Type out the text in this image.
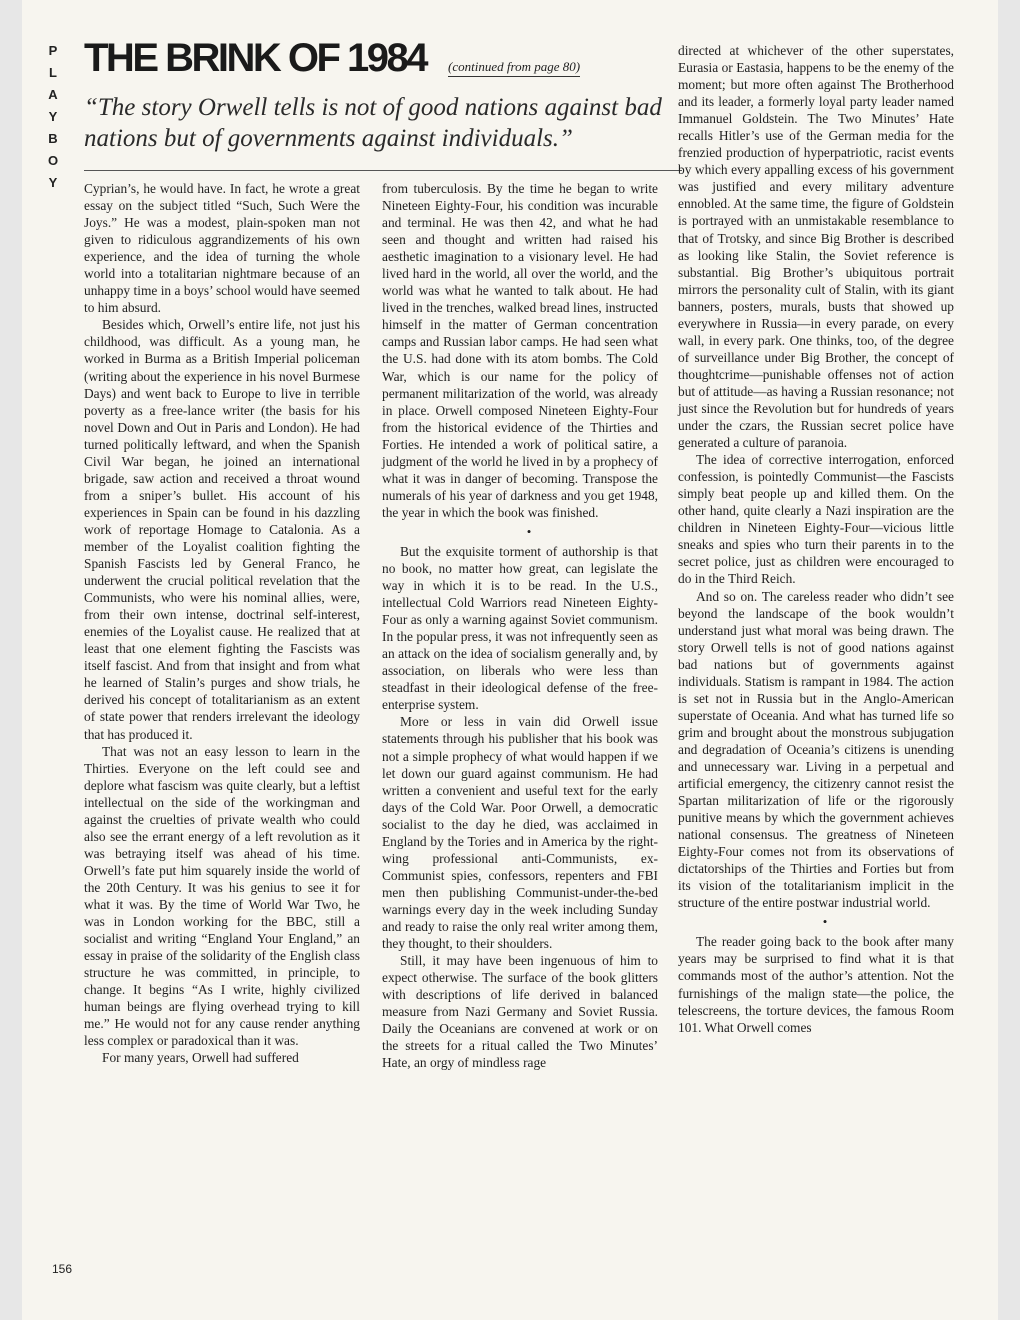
P
L
A
Y
B
O
Y
THE BRINK OF 1984 (continued from page 80)
“The story Orwell tells is not of good nations against bad nations but of governments against individuals.”

Cyprian’s, he would have. In fact, he wrote a great essay on the subject titled “Such, Such Were the Joys.” He was a modest, plain-spoken man not given to ridiculous aggrandizements of his own experience, and the idea of turning the whole world into a totalitarian nightmare because of an unhappy time in a boys’ school would have seemed to him absurd.

Besides which, Orwell’s entire life, not just his childhood, was difficult. As a young man, he worked in Burma as a British Imperial policeman (writing about the experience in his novel Burmese Days) and went back to Europe to live in terrible poverty as a free-lance writer (the basis for his novel Down and Out in Paris and London). He had turned politically leftward, and when the Spanish Civil War began, he joined an international brigade, saw action and received a throat wound from a sniper’s bullet. His account of his experiences in Spain can be found in his dazzling work of reportage Homage to Catalonia. As a member of the Loyalist coalition fighting the Spanish Fascists led by General Franco, he underwent the crucial political revelation that the Communists, who were his nominal allies, were, from their own intense, doctrinal self-interest, enemies of the Loyalist cause. He realized that at least that one element fighting the Fascists was itself fascist. And from that insight and from what he learned of Stalin’s purges and show trials, he derived his concept of totalitarianism as an extent of state power that renders irrelevant the ideology that has produced it.

That was not an easy lesson to learn in the Thirties. Everyone on the left could see and deplore what fascism was quite clearly, but a leftist intellectual on the side of the workingman and against the cruelties of private wealth who could also see the errant energy of a left revolution as it was betraying itself was ahead of his time. Orwell’s fate put him squarely inside the world of the 20th Century. It was his genius to see it for what it was. By the time of World War Two, he was in London working for the BBC, still a socialist and writing “England Your England,” an essay in praise of the solidarity of the English class structure he was committed, in principle, to change. It begins “As I write, highly civilized human beings are flying overhead trying to kill me.” He would not for any cause render anything less complex or paradoxical than it was.

For many years, Orwell had suffered

from tuberculosis. By the time he began to write Nineteen Eighty-Four, his condition was incurable and terminal. He was then 42, and what he had seen and thought and written had raised his aesthetic imagination to a visionary level. He had lived hard in the world, all over the world, and the world was what he wanted to talk about. He had lived in the trenches, walked bread lines, instructed himself in the matter of German concentration camps and Russian labor camps. He had seen what the U.S. had done with its atom bombs. The Cold War, which is our name for the policy of permanent militarization of the world, was already in place. Orwell composed Nineteen Eighty-Four from the historical evidence of the Thirties and Forties. He intended a work of political satire, a judgment of the world he lived in by a prophecy of what it was in danger of becoming. Transpose the numerals of his year of darkness and you get 1948, the year in which the book was finished.

•

But the exquisite torment of authorship is that no book, no matter how great, can legislate the way in which it is to be read. In the U.S., intellectual Cold Warriors read Nineteen Eighty-Four as only a warning against Soviet communism. In the popular press, it was not infrequently seen as an attack on the idea of socialism generally and, by association, on liberals who were less than steadfast in their ideological defense of the free-enterprise system.

More or less in vain did Orwell issue statements through his publisher that his book was not a simple prophecy of what would happen if we let down our guard against communism. He had written a convenient and useful text for the early days of the Cold War. Poor Orwell, a democratic socialist to the day he died, was acclaimed in England by the Tories and in America by the right-wing professional anti-Communists, ex-Communist spies, confessors, repenters and FBI men then publishing Communist-under-the-bed warnings every day in the week including Sunday and ready to raise the only real writer among them, they thought, to their shoulders.

Still, it may have been ingenuous of him to expect otherwise. The surface of the book glitters with descriptions of life derived in balanced measure from Nazi Germany and Soviet Russia. Daily the Oceanians are convened at work or on the streets for a ritual called the Two Minutes’ Hate, an orgy of mindless rage

directed at whichever of the other superstates, Eurasia or Eastasia, happens to be the enemy of the moment; but more often against The Brotherhood and its leader, a formerly loyal party leader named Immanuel Goldstein. The Two Minutes’ Hate recalls Hitler’s use of the German media for the frenzied production of hyperpatriotic, racist events by which every appalling excess of his government was justified and every military adventure ennobled. At the same time, the figure of Goldstein is portrayed with an unmistakable resemblance to that of Trotsky, and since Big Brother is described as looking like Stalin, the Soviet reference is substantial. Big Brother’s ubiquitous portrait mirrors the personality cult of Stalin, with its giant banners, posters, murals, busts that showed up everywhere in Russia—in every parade, on every wall, in every park. One thinks, too, of the degree of surveillance under Big Brother, the concept of thoughtcrime—punishable offenses not of action but of attitude—as having a Russian resonance; not just since the Revolution but for hundreds of years under the czars, the Russian secret police have generated a culture of paranoia.

The idea of corrective interrogation, enforced confession, is pointedly Communist—the Fascists simply beat people up and killed them. On the other hand, quite clearly a Nazi inspiration are the children in Nineteen Eighty-Four—vicious little sneaks and spies who turn their parents in to the secret police, just as children were encouraged to do in the Third Reich.

And so on. The careless reader who didn’t see beyond the landscape of the book wouldn’t understand just what moral was being drawn. The story Orwell tells is not of good nations against bad nations but of governments against individuals. Statism is rampant in 1984. The action is set not in Russia but in the Anglo-American superstate of Oceania. And what has turned life so grim and brought about the monstrous subjugation and degradation of Oceania’s citizens is unending and unnecessary war. Living in a perpetual and artificial emergency, the citizenry cannot resist the Spartan militarization of life or the rigorously punitive means by which the government achieves national consensus. The greatness of Nineteen Eighty-Four comes not from its observations of dictatorships of the Thirties and Forties but from its vision of the totalitarianism implicit in the structure of the entire postwar industrial world.

•

The reader going back to the book after many years may be surprised to find what it is that commands most of the author’s attention. Not the furnishings of the malign state—the police, the telescreens, the torture devices, the famous Room 101. What Orwell comes

156
